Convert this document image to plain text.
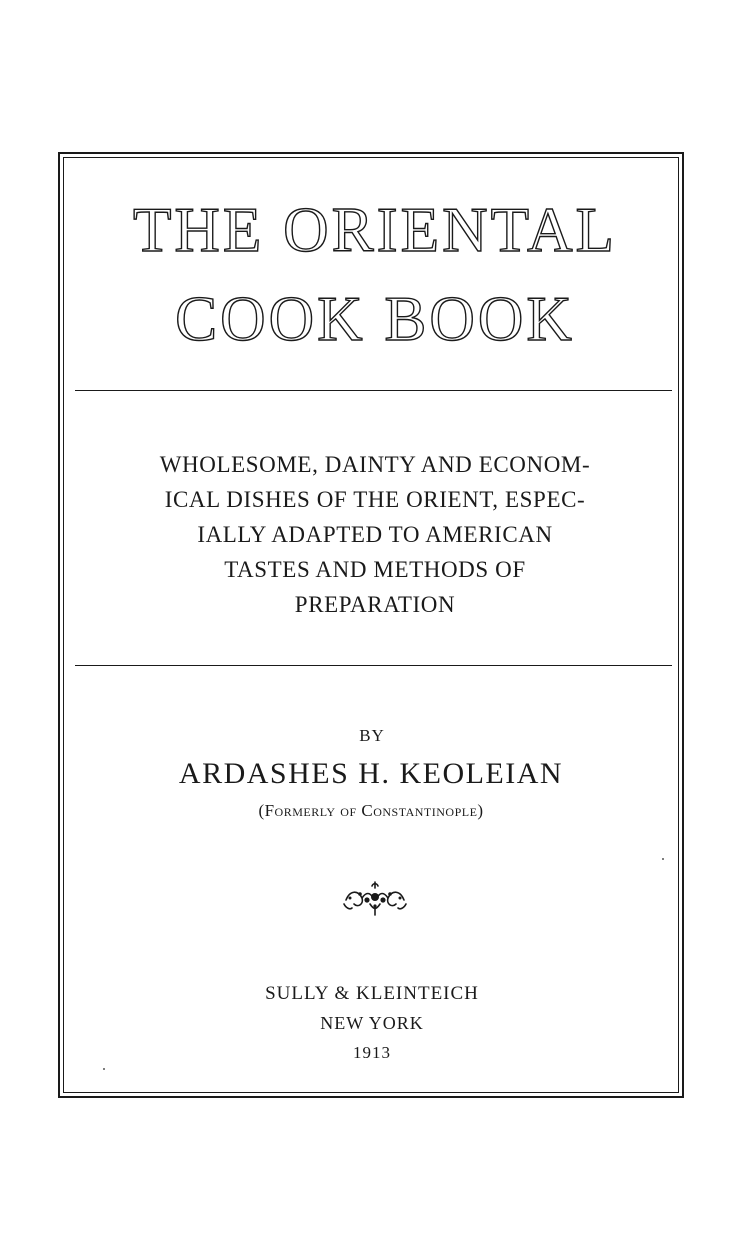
THE ORIENTAL
COOK BOOK
WHOLESOME, DAINTY AND ECONOM-
ICAL DISHES OF THE ORIENT, ESPEC-
IALLY ADAPTED TO AMERICAN
TASTES AND METHODS OF
PREPARATION
BY
ARDASHES H. KEOLEIAN
(Formerly of Constantinople)
SULLY & KLEINTEICH
NEW YORK
1913
